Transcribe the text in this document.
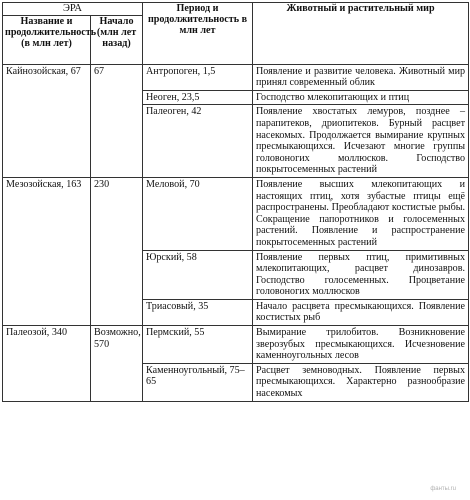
ЭРА		Период и продолжительность в млн лет	Животный и растительный мир
Название и продолжительность (в млн лет)	Начало (млн лет назад)		
Кайнозойская, 67	67	Антропоген, 1,5	Появление и развитие человека. Животный мир принял современный облик
		Неоген, 23,5	Господство млекопитающих и птиц
		Палеоген, 42	Появление хвостатых лемуров, позднее – парапитеков, дриопитеков. Бурный расцвет насекомых. Продолжается вымирание крупных пресмыкающихся. Исчезают многие группы головоногих моллюсков. Господство покрытосеменных растений
Мезозойская, 163	230	Меловой, 70	Появление высших млекопитающих и настоящих птиц, хотя зубастые птицы ещё распространены. Преобладают костистые рыбы. Сокращение папоротников и голосеменных растений. Появление и распространение покрытосеменных растений
		Юрский, 58	Появление первых птиц, примитивных млекопитающих, расцвет динозавров. Господство голосеменных. Процветание головоногих моллюсков
		Триасовый, 35	Начало расцвета пресмыкающихся. Появление костистых рыб
Палеозой, 340	Возможно, 570	Пермский, 55	Вымирание трилобитов. Возникновение зверозубых пресмыкающихся. Исчезновение каменноугольных лесов
		Каменноугольный, 75–65	Расцвет земноводных. Появление первых пресмыкающихся. Характерно разнообразие насекомых
фанты.ru
